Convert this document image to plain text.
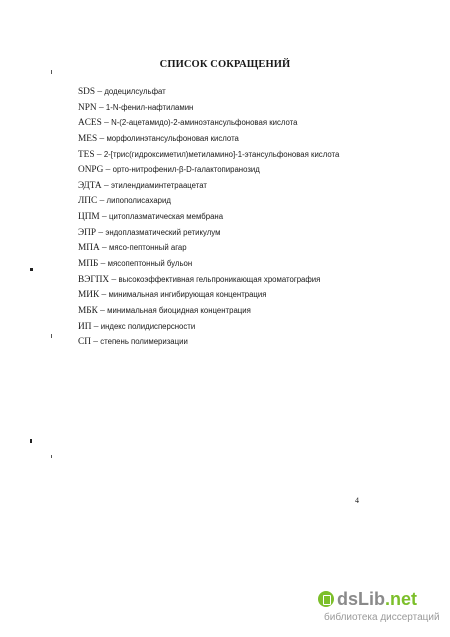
СПИСОК СОКРАЩЕНИЙ
SDS – додецилсульфат
NPN – 1-N-фенил-нафтиламин
ACES – N-(2-ацетамидо)-2-аминоэтансульфоновая кислота
MES – морфолинэтансульфоновая кислота
TES – 2-[трис(гидроксиметил)метиламино]-1-этансульфоновая кислота
ONPG – орто-нитрофенил-β-D-галактопиранозид
ЭДТА – этилендиаминтетраацетат
ЛПС – липополисахарид
ЦПМ – цитоплазматическая мембрана
ЭПР – эндоплазматический ретикулум
МПА – мясо-пептонный агар
МПБ – мясопептонный бульон
ВЭГПХ – высокоэффективная гельпроникающая хроматография
МИК – минимальная ингибирующая концентрация
МБК – минимальная биоцидная концентрация
ИП – индекс полидисперсности
СП – степень полимеризации
4
dsLib.net
библиотека диссертаций
